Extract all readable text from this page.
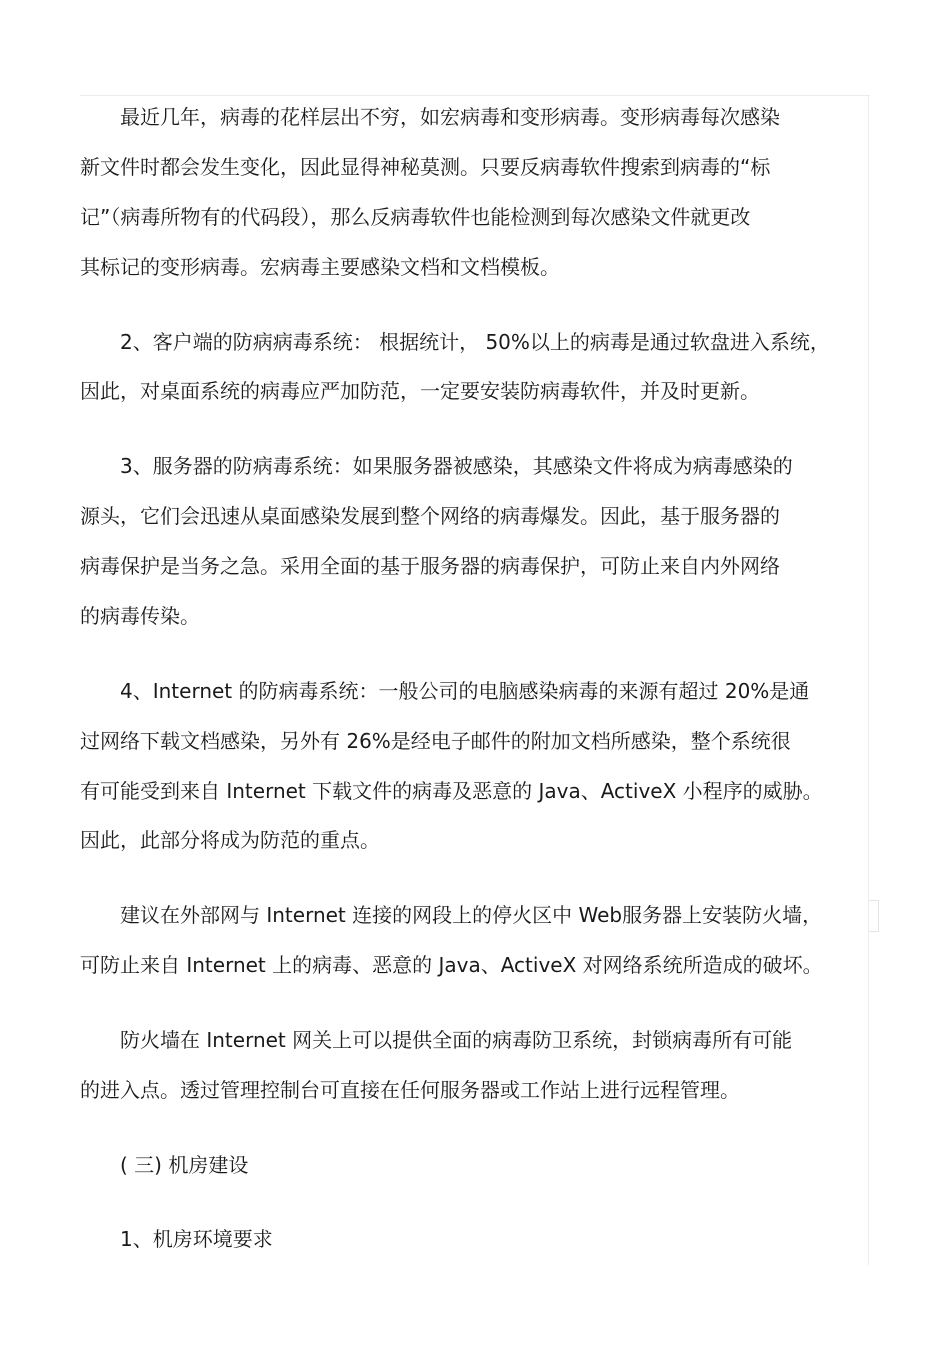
最近几年，病毒的花样层出不穷，如宏病毒和变形病毒。变形病毒每次感染
新文件时都会发生变化，因此显得神秘莫测。只要反病毒软件搜索到病毒的“标
记”（病毒所物有的代码段），那么反病毒软件也能检测到每次感染文件就更改
其标记的变形病毒。宏病毒主要感染文档和文档模板。
2、客户端的防病病毒系统： 根据统计， 50%以上的病毒是通过软盘进入系统，
因此，对桌面系统的病毒应严加防范，一定要安装防病毒软件，并及时更新。
3、服务器的防病毒系统：如果服务器被感染，其感染文件将成为病毒感染的
源头，它们会迅速从桌面感染发展到整个网络的病毒爆发。因此，基于服务器的
病毒保护是当务之急。采用全面的基于服务器的病毒保护，可防止来自内外网络
的病毒传染。
4、Internet 的防病毒系统：一般公司的电脑感染病毒的来源有超过 20%是通
过网络下载文档感染，另外有 26%是经电子邮件的附加文档所感染，整个系统很
有可能受到来自 Internet 下载文件的病毒及恶意的 Java、ActiveX 小程序的威胁。
因此，此部分将成为防范的重点。
建议在外部网与 Internet 连接的网段上的停火区中 Web服务器上安装防火墙，
可防止来自 Internet 上的病毒、恶意的 Java、ActiveX 对网络系统所造成的破坏。
防火墙在 Internet 网关上可以提供全面的病毒防卫系统，封锁病毒所有可能
的进入点。透过管理控制台可直接在任何服务器或工作站上进行远程管理。
( 三) 机房建设
1、机房环境要求
